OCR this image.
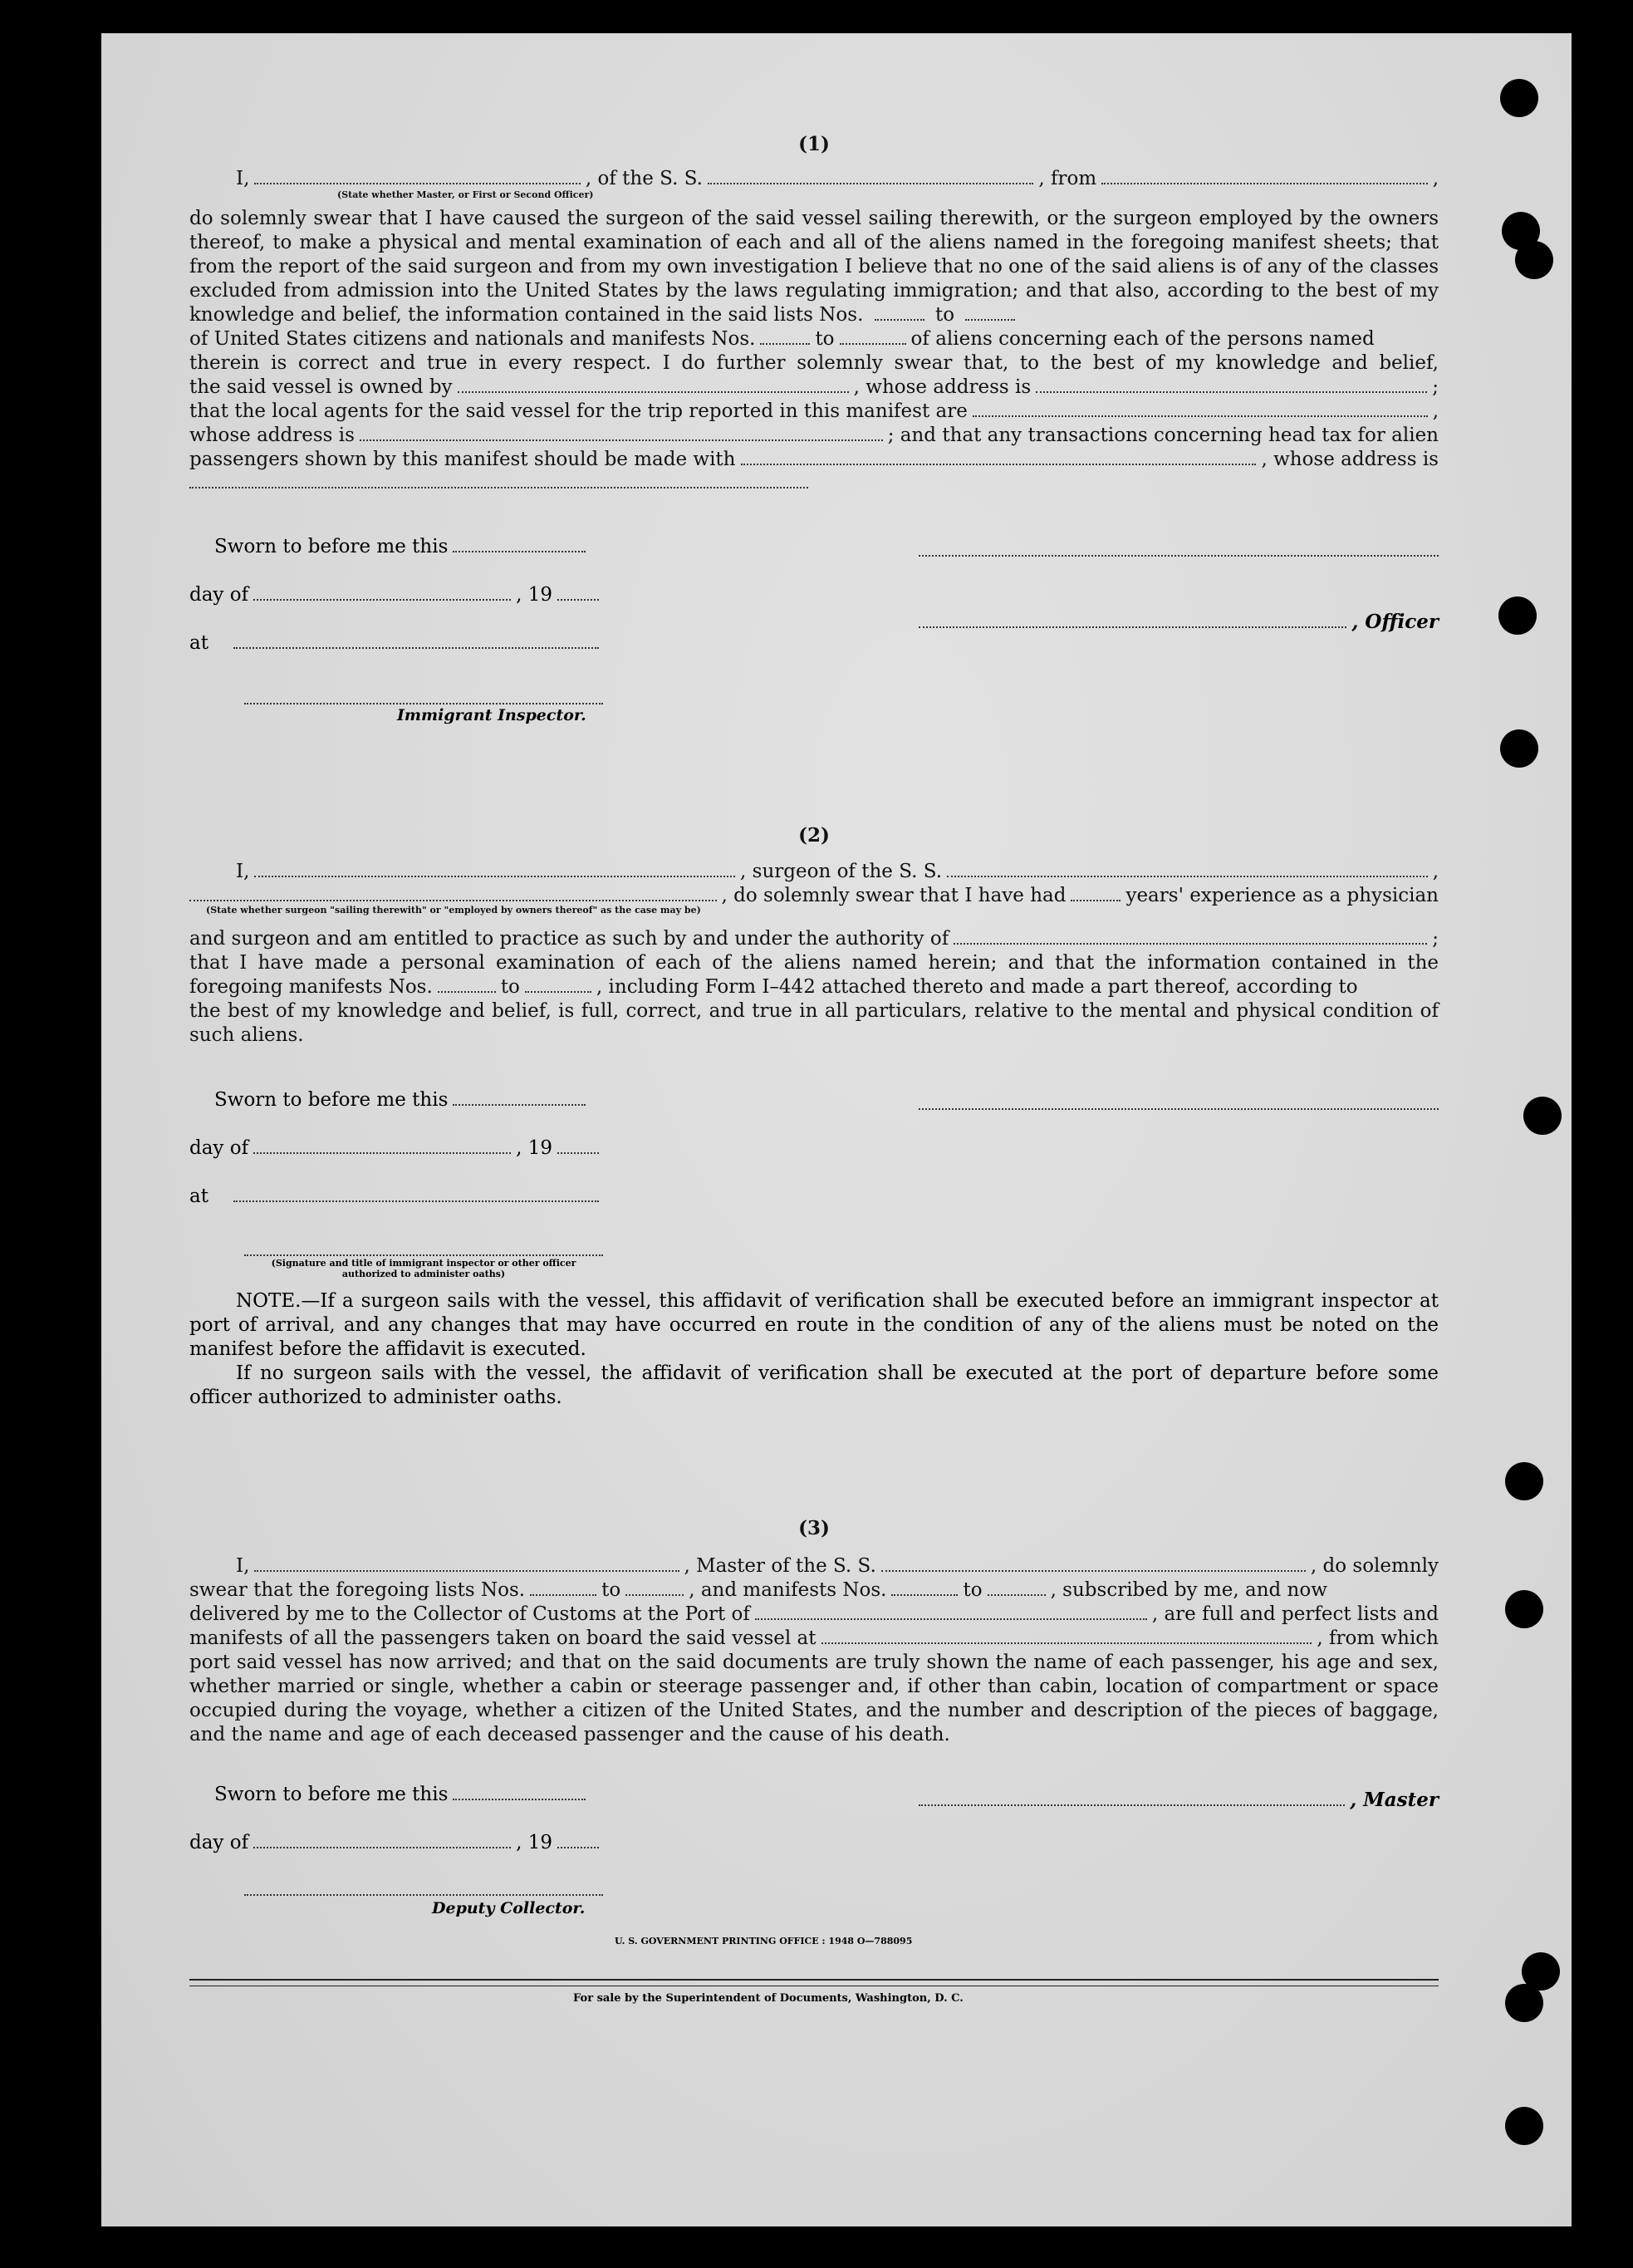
(1)

I,	, of the S. S.	, from	,
(State whether Master, or First or Second Officer)

do solemnly swear that I have caused the surgeon of the said vessel sailing therewith, or the surgeon employed by the owners thereof, to make a physical and mental examination of each and all of the aliens named in the foregoing manifest sheets; that from the report of the said surgeon and from my own investigation I believe that no one of the said aliens is of any of the classes excluded from admission into the United States by the laws regulating immigration; and that also, according to the best of my knowledge and belief, the information contained in the said lists Nos.	to

of United States citizens and nationals and manifests Nos.	to	of aliens concerning each of the persons named

therein is correct and true in every respect. I do further solemnly swear that, to the best of my knowledge and belief,

the said vessel is owned by	, whose address is	;
that the local agents for the said vessel for the trip reported in this manifest are	,
whose address is	; and that any transactions concerning head tax for alien
passengers shown by this manifest should be made with	, whose address is
Sworn to before me this
day of	, 19
, Officer
at
Immigrant Inspector.

(2)

I,	, surgeon of the S. S.	,
, do solemnly swear that I have had	years' experience as a physician
(State whether surgeon "sailing therewith" or "employed by owners thereof" as the case may be)
and surgeon and am entitled to practice as such by and under the authority of	;

that I have made a personal examination of each of the aliens named herein; and that the information contained in the

foregoing manifests Nos.	to	, including Form I–442 attached thereto and made a part thereof, according to

the best of my knowledge and belief, is full, correct, and true in all particulars, relative to the mental and physical condition of such aliens.

Sworn to before me this
day of	, 19
at
(Signature and title of immigrant inspector or other officer authorized to administer oaths)

NOTE.—If a surgeon sails with the vessel, this affidavit of verification shall be executed before an immigrant inspector at port of arrival, and any changes that may have occurred en route in the condition of any of the aliens must be noted on the manifest before the affidavit is executed.

If no surgeon sails with the vessel, the affidavit of verification shall be executed at the port of departure before some officer authorized to administer oaths.

(3)

I,	, Master of the S. S.	, do solemnly
swear that the foregoing lists Nos.	to	, and manifests Nos.	to	, subscribed by me, and now
delivered by me to the Collector of Customs at the Port of	, are full and perfect lists and
manifests of all the passengers taken on board the said vessel at	, from which

port said vessel has now arrived; and that on the said documents are truly shown the name of each passenger, his age and sex, whether married or single, whether a cabin or steerage passenger and, if other than cabin, location of compartment or space occupied during the voyage, whether a citizen of the United States, and the number and description of the pieces of baggage, and the name and age of each deceased passenger and the cause of his death.

Sworn to before me this	, Master
day of	, 19
Deputy Collector.
U. S. GOVERNMENT PRINTING OFFICE : 1948 O—788095
For sale by the Superintendent of Documents, Washington, D. C.
